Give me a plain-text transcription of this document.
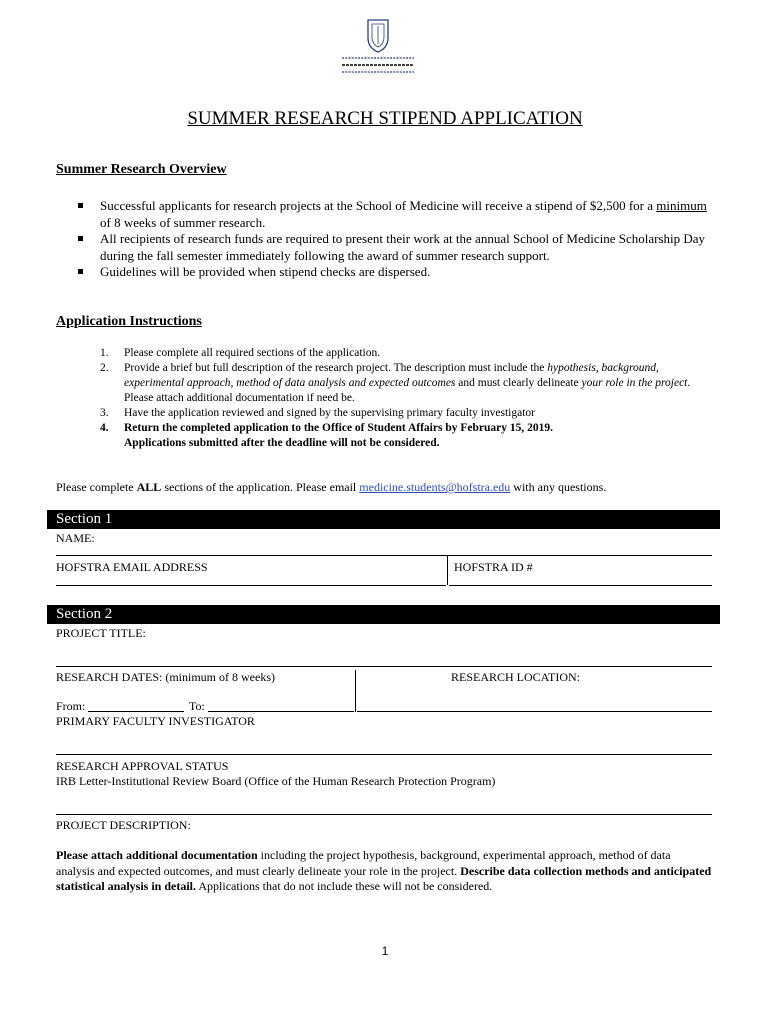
SUMMER RESEARCH STIPEND APPLICATION
Summer Research Overview
Successful applicants for research projects at the School of Medicine will receive a stipend of $2,500 for a minimum of 8 weeks of summer research.
All recipients of research funds are required to present their work at the annual School of Medicine Scholarship Day during the fall semester immediately following the award of summer research support.
Guidelines will be provided when stipend checks are dispersed.
Application Instructions
1.	Please complete all required sections of the application.
2.	Provide a brief but full description of the research project. The description must include the hypothesis, background, experimental approach, method of data analysis and expected outcomes and must clearly delineate your role in the project. Please attach additional documentation if need be.
3.	Have the application reviewed and signed by the supervising primary faculty investigator
4. Return the completed application to the Office of Student Affairs by February 15, 2019.
Applications submitted after the deadline will not be considered.
Please complete ALL sections of the application. Please email medicine.students@hofstra.edu with any questions.
Section 1
NAME:
HOFSTRA EMAIL ADDRESS	HOFSTRA ID #
Section 2
PROJECT TITLE:
RESEARCH DATES: (minimum of 8 weeks)	RESEARCH LOCATION:
From:	To:
PRIMARY FACULTY INVESTIGATOR
RESEARCH APPROVAL STATUS
IRB Letter-Institutional Review Board (Office of the Human Research Protection Program)
PROJECT DESCRIPTION:
Please attach additional documentation including the project hypothesis, background, experimental approach, method of data analysis and expected outcomes, and must clearly delineate your role in the project. Describe data collection methods and anticipated statistical analysis in detail. Applications that do not include these will not be considered.
1
